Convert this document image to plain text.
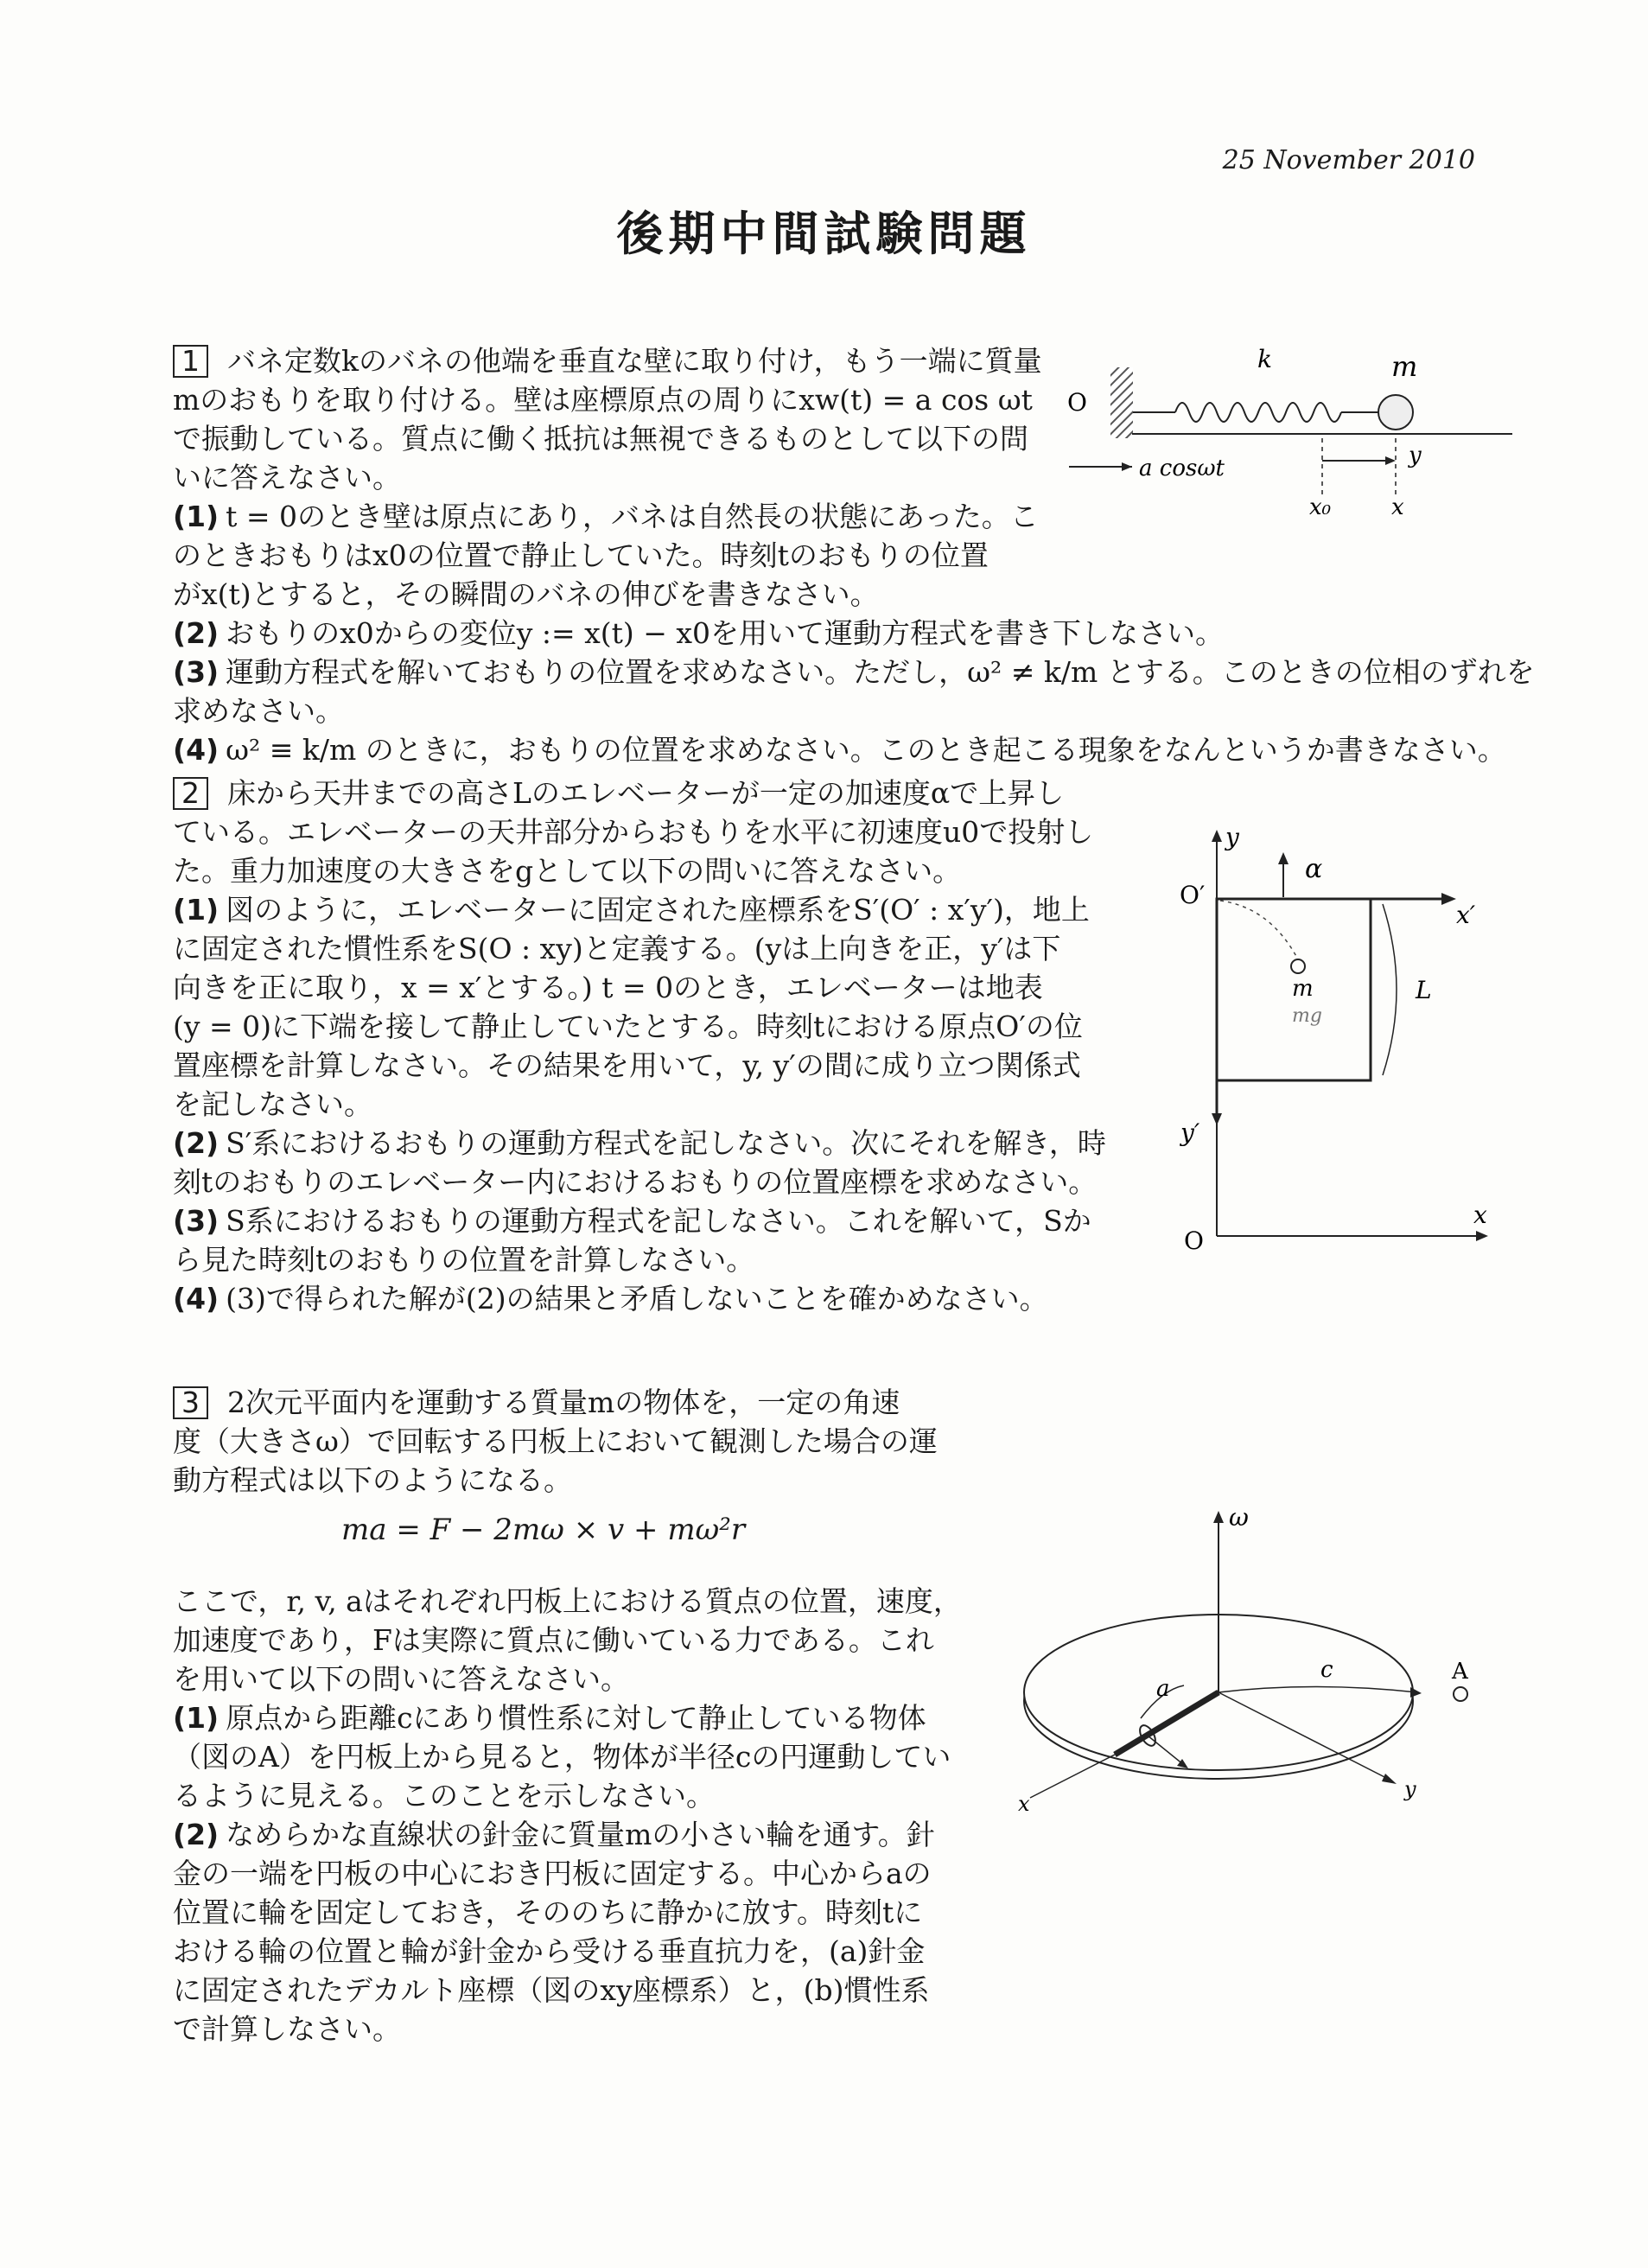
25 November 2010
後期中間試験問題

1 バネ定数kのバネの他端を垂直な壁に取り付け，もう一端に質量

mのおもりを取り付ける。壁は座標原点の周りにxw(t) = a cos ωt

で振動している。質点に働く抵抗は無視できるものとして以下の問

いに答えなさい。

(1) t = 0のとき壁は原点にあり，バネは自然長の状態にあった。こ

のときおもりはx0の位置で静止していた。時刻tのおもりの位置

がx(t)とすると，その瞬間のバネの伸びを書きなさい。

(2) おもりのx0からの変位y := x(t) − x0を用いて運動方程式を書き下しなさい。

(3) 運動方程式を解いておもりの位置を求めなさい。ただし，ω² ≠ k/m とする。このときの位相のずれを

求めなさい。

(4) ω² ≡ k/m のときに，おもりの位置を求めなさい。このとき起こる現象をなんというか書きなさい。

O
k	m
a cosωt	y
x₀	x

2 床から天井までの高さLのエレベーターが一定の加速度αで上昇し

ている。エレベーターの天井部分からおもりを水平に初速度u0で投射し

た。重力加速度の大きさをgとして以下の問いに答えなさい。

(1) 図のように，エレベーターに固定された座標系をS′(O′ : x′y′)，地上

に固定された慣性系をS(O : xy)と定義する。(yは上向きを正，y′は下

向きを正に取り，x = x′とする。) t = 0のとき，エレベーターは地表

(y = 0)に下端を接して静止していたとする。時刻tにおける原点O′の位

置座標を計算しなさい。その結果を用いて，y, y′の間に成り立つ関係式

を記しなさい。

(2) S′系におけるおもりの運動方程式を記しなさい。次にそれを解き，時

刻tのおもりのエレベーター内におけるおもりの位置座標を求めなさい。

(3) S系におけるおもりの運動方程式を記しなさい。これを解いて，Sか

ら見た時刻tのおもりの位置を計算しなさい。

(4) (3)で得られた解が(2)の結果と矛盾しないことを確かめなさい。

y
x
O
α
O′
x′
m
mg
L
y′

3 2次元平面内を運動する質量mの物体を，一定の角速

度（大きさω）で回転する円板上において観測した場合の運

動方程式は以下のようになる。

ma = F − 2mω × v + mω²r

ここで，r, v, aはそれぞれ円板上における質点の位置，速度，

加速度であり，Fは実際に質点に働いている力である。これ

を用いて以下の問いに答えなさい。

(1) 原点から距離cにあり慣性系に対して静止している物体

（図のA）を円板上から見ると，物体が半径cの円運動してい

るように見える。このことを示しなさい。

(2) なめらかな直線状の針金に質量mの小さい輪を通す。針

金の一端を円板の中心におき円板に固定する。中心からaの

位置に輪を固定しておき，そののちに静かに放す。時刻tに

おける輪の位置と輪が針金から受ける垂直抗力を，(a)針金

に固定されたデカルト座標（図のxy座標系）と，(b)慣性系

で計算しなさい。

ω
x
y
a
c	A
